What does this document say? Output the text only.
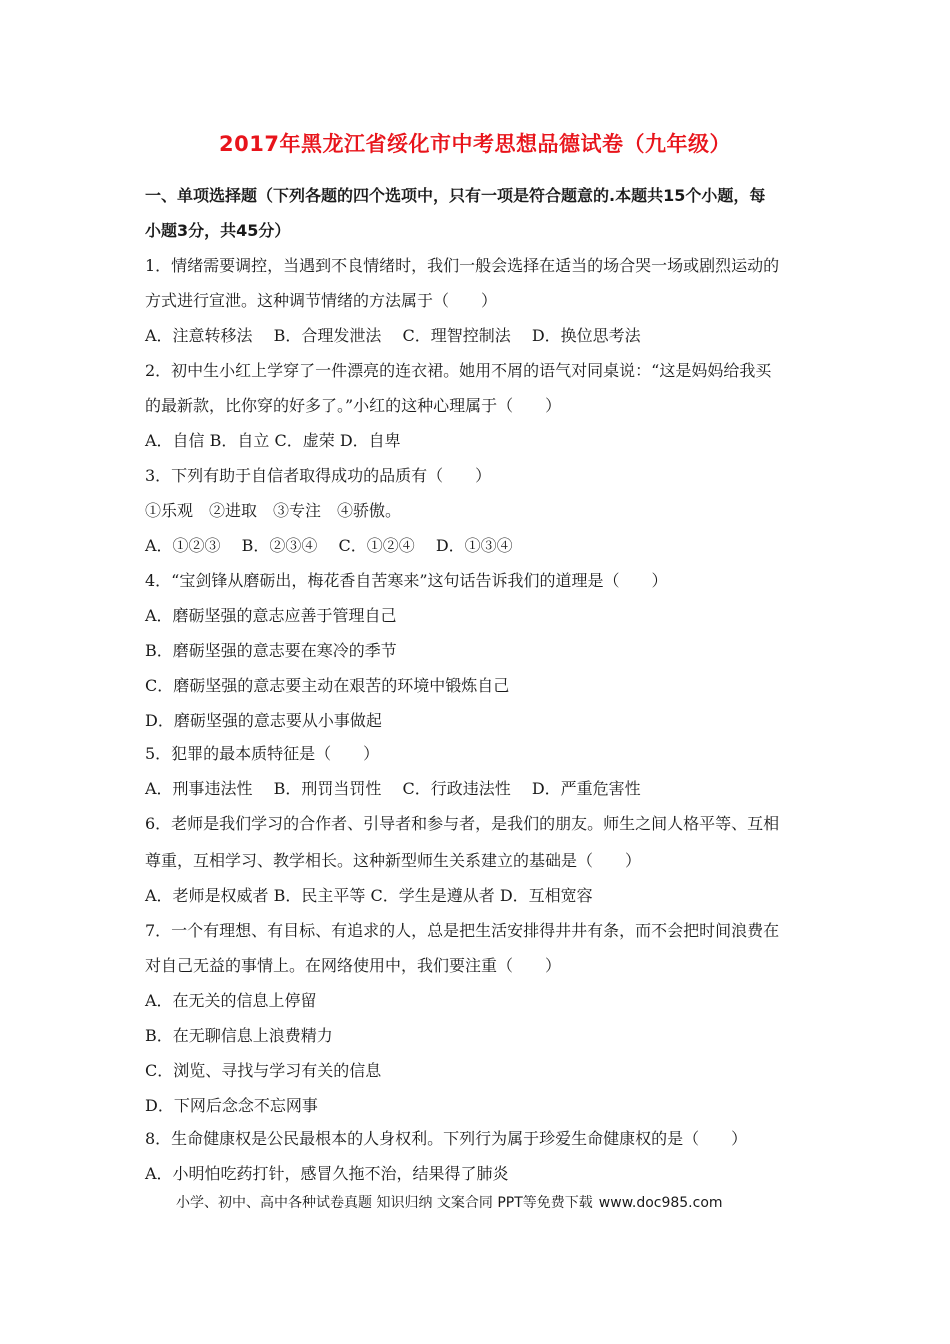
2017年黑龙江省绥化市中考思想品德试卷（九年级）
一、单项选择题（下列各题的四个选项中，只有一项是符合题意的.本题共15个小题，每
小题3分，共45分）
1．情绪需要调控，当遇到不良情绪时，我们一般会选择在适当的场合哭一场或剧烈运动的
方式进行宣泄。这种调节情绪的方法属于（　　）
A．注意转移法　 B．合理发泄法　 C．理智控制法　 D．换位思考法
2．初中生小红上学穿了一件漂亮的连衣裙。她用不屑的语气对同桌说：“这是妈妈给我买
的最新款，比你穿的好多了。”小红的这种心理属于（　　）
A．自信 B．自立 C．虚荣 D．自卑
3．下列有助于自信者取得成功的品质有（　　）
①乐观　②进取　③专注　④骄傲。
A．①②③　 B．②③④　 C．①②④　 D．①③④
4．“宝剑锋从磨砺出，梅花香自苦寒来”这句话告诉我们的道理是（　　）
A．磨砺坚强的意志应善于管理自己
B．磨砺坚强的意志要在寒冷的季节
C．磨砺坚强的意志要主动在艰苦的环境中锻炼自己
D．磨砺坚强的意志要从小事做起
5．犯罪的最本质特征是（　　）
A．刑事违法性　 B．刑罚当罚性　 C．行政违法性　 D．严重危害性
6．老师是我们学习的合作者、引导者和参与者，是我们的朋友。师生之间人格平等、互相
尊重，互相学习、教学相长。这种新型师生关系建立的基础是（　　）
A．老师是权威者 B．民主平等 C．学生是遵从者 D．互相宽容
7．一个有理想、有目标、有追求的人，总是把生活安排得井井有条，而不会把时间浪费在
对自己无益的事情上。在网络使用中，我们要注重（　　）
A．在无关的信息上停留
B．在无聊信息上浪费精力
C．浏览、寻找与学习有关的信息
D．下网后念念不忘网事
8．生命健康权是公民最根本的人身权利。下列行为属于珍爱生命健康权的是（　　）
A．小明怕吃药打针，感冒久拖不治，结果得了肺炎
小学、初中、高中各种试卷真题 知识归纳 文案合同 PPT等免费下载 www.doc985.com
